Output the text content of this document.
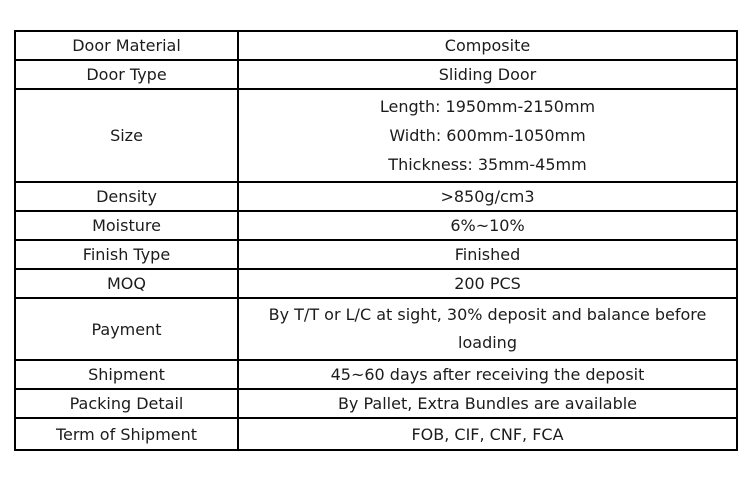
Door Material	Composite
Door Type	Sliding Door
Size	Length: 1950mm-2150mm
Width: 600mm-1050mm
Thickness: 35mm-45mm

Density	>850g/cm3
Moisture	6%~10%
Finish Type	Finished
MOQ	200 PCS
Payment	By T/T or L/C at sight, 30% deposit and balance before loading
Shipment	45~60 days after receiving the deposit
Packing Detail	By Pallet, Extra Bundles are available
Term of Shipment	FOB, CIF, CNF, FCA
